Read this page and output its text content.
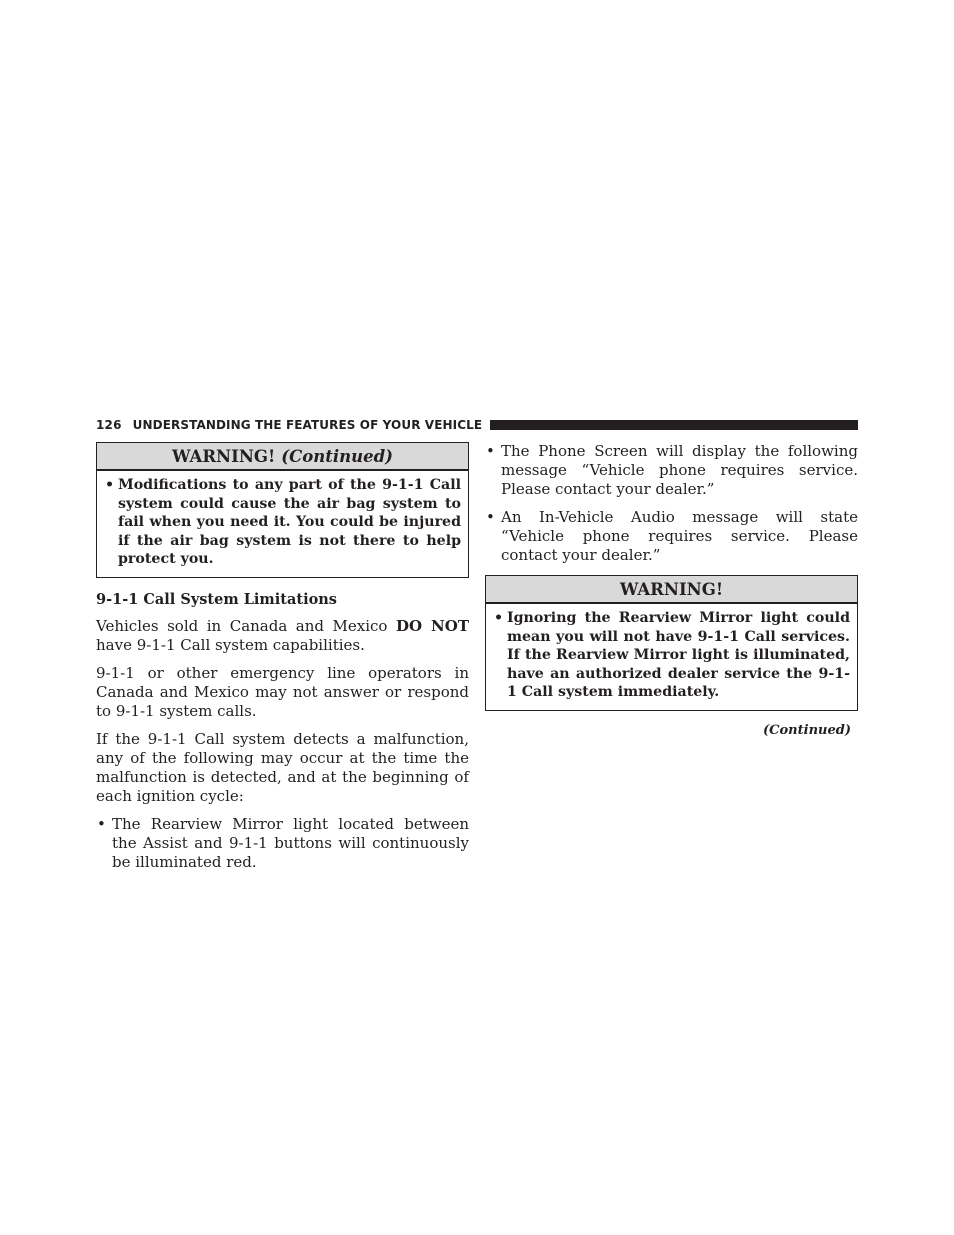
126 UNDERSTANDING THE FEATURES OF YOUR VEHICLE
WARNING! (Continued)
• Modifications to any part of the 9-1-1 Call system could cause the air bag system to fail when you need it. You could be injured if the air bag system is not there to help protect you.
9-1-1 Call System Limitations

Vehicles sold in Canada and Mexico DO NOT have 9-1-1 Call system capabilities.

9-1-1 or other emergency line operators in Canada and Mexico may not answer or respond to 9-1-1 system calls.

If the 9-1-1 Call system detects a malfunction, any of the following may occur at the time the malfunction is detected, and at the beginning of each ignition cycle:

• The Rearview Mirror light located between the Assist and 9-1-1 buttons will continuously be illuminated red.
• The Phone Screen will display the following message “Vehicle phone requires service. Please contact your dealer.”
• An In-Vehicle Audio message will state “Vehicle phone requires service. Please contact your dealer.”
WARNING!
• Ignoring the Rearview Mirror light could mean you will not have 9-1-1 Call services. If the Rearview Mirror light is illuminated, have an authorized dealer service the 9-1-1 Call system immediately.
(Continued)
